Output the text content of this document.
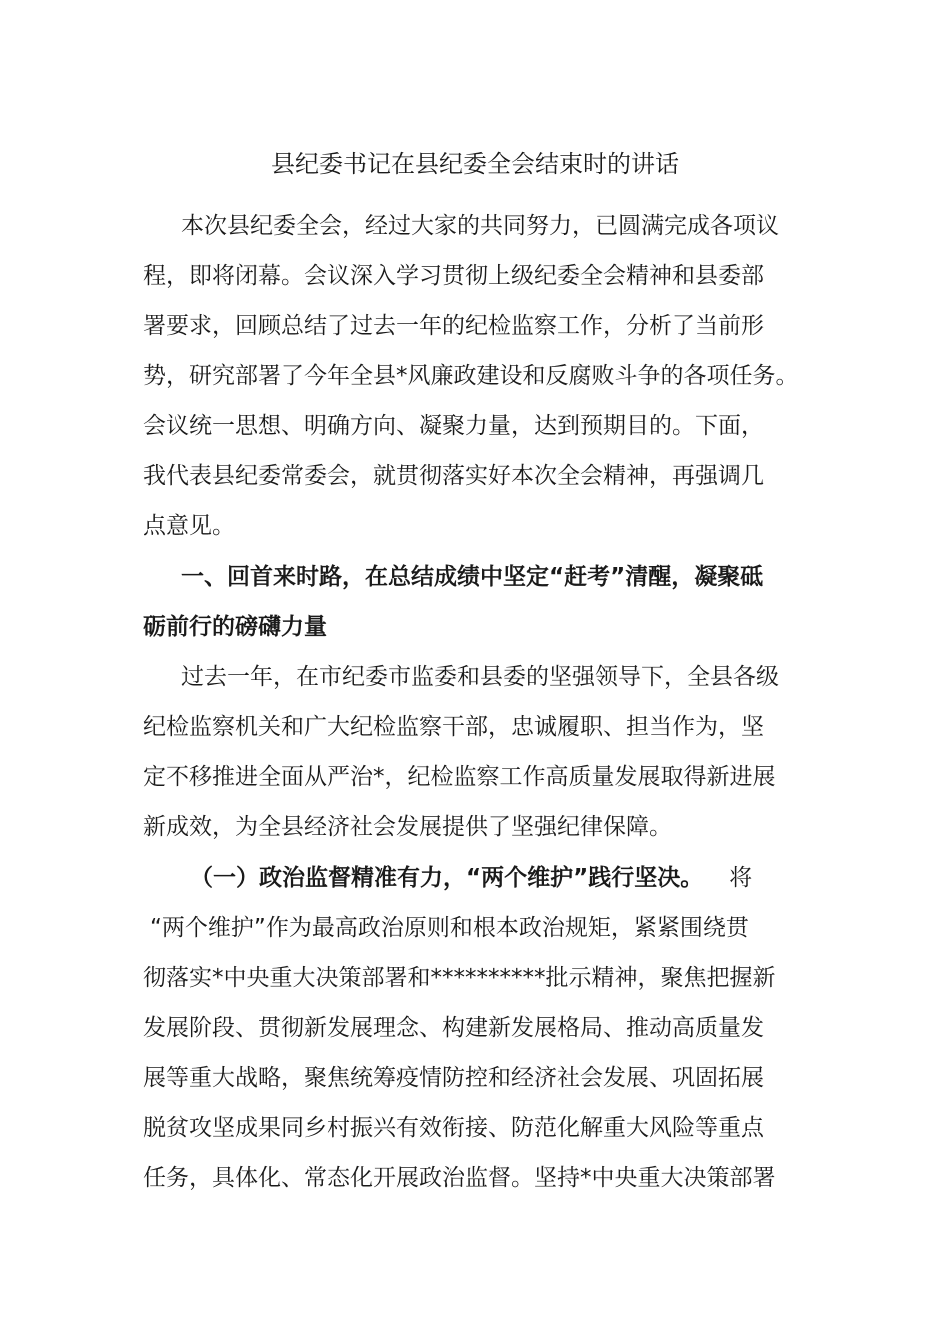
县纪委书记在县纪委全会结束时的讲话
本次县纪委全会，经过大家的共同努力，已圆满完成各项议
程，即将闭幕。会议深入学习贯彻上级纪委全会精神和县委部
署要求，回顾总结了过去一年的纪检监察工作，分析了当前形
势，研究部署了今年全县*风廉政建设和反腐败斗争的各项任务。
会议统一思想、明确方向、凝聚力量，达到预期目的。下面，
我代表县纪委常委会，就贯彻落实好本次全会精神，再强调几
点意见。
一、回首来时路，在总结成绩中坚定“赶考”清醒，凝聚砥
砺前行的磅礴力量
过去一年，在市纪委市监委和县委的坚强领导下，全县各级
纪检监察机关和广大纪检监察干部，忠诚履职、担当作为，坚
定不移推进全面从严治*，纪检监察工作高质量发展取得新进展
新成效，为全县经济社会发展提供了坚强纪律保障。
（一）政治监督精准有力，“两个维护”践行坚决。 将
“两个维护”作为最高政治原则和根本政治规矩，紧紧围绕贯
彻落实*中央重大决策部署和**********批示精神，聚焦把握新
发展阶段、贯彻新发展理念、构建新发展格局、推动高质量发
展等重大战略，聚焦统筹疫情防控和经济社会发展、巩固拓展
脱贫攻坚成果同乡村振兴有效衔接、防范化解重大风险等重点
任务，具体化、常态化开展政治监督。坚持*中央重大决策部署
